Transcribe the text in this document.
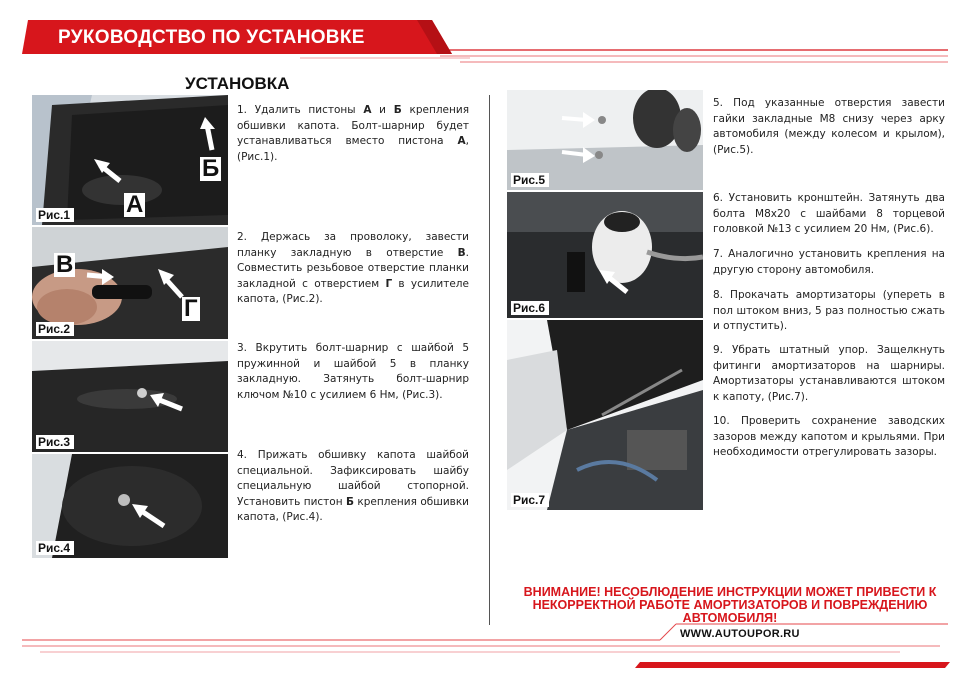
РУКОВОДСТВО ПО УСТАНОВКЕ
УСТАНОВКА
А
Б
Рис.1
В
Г
Рис.2
Рис.3
Рис.4
1. Удалить пистоны А и Б крепления обшивки капота. Болт-шарнир будет устанавливаться вместо пистона А, (Рис.1).
2. Держась за проволоку, завести планку закладную в отверстие В. Совместить резьбовое отверстие планки закладной с отверстием Г в усилителе капота, (Рис.2).
3. Вкрутить болт-шарнир с шайбой 5 пружинной и шайбой 5 в планку закладную. Затянуть болт-шарнир ключом №10 с усилием 6 Нм, (Рис.3).
4. Прижать обшивку капота шайбой специальной. Зафиксировать шайбу специальную шайбой стопорной. Установить пистон Б крепления обшивки капота, (Рис.4).
Рис.5
Рис.6
Рис.7
5. Под указанные отверстия завести гайки закладные М8 снизу через арку автомобиля (между колесом и крылом), (Рис.5).
6. Установить кронштейн. Затянуть два болта М8х20 с шайбами 8 торцевой головкой №13 с усилием 20 Нм, (Рис.6).
7. Аналогично установить крепления на другую сторону автомобиля.
8. Прокачать амортизаторы (упереть в пол штоком вниз, 5 раз полностью сжать и отпустить).
9. Убрать штатный упор. Защелкнуть фитинги амортизаторов на шарниры. Амортизаторы устанавливаются штоком к капоту, (Рис.7).
10. Проверить сохранение заводских зазоров между капотом и крыльями. При необходимости отрегулировать зазоры.
ВНИМАНИЕ! НЕСОБЛЮДЕНИЕ ИНСТРУКЦИИ МОЖЕТ ПРИВЕСТИ К
НЕКОРРЕКТНОЙ РАБОТЕ АМОРТИЗАТОРОВ И ПОВРЕЖДЕНИЮ
АВТОМОБИЛЯ!
WWW.AUTOUPOR.RU
